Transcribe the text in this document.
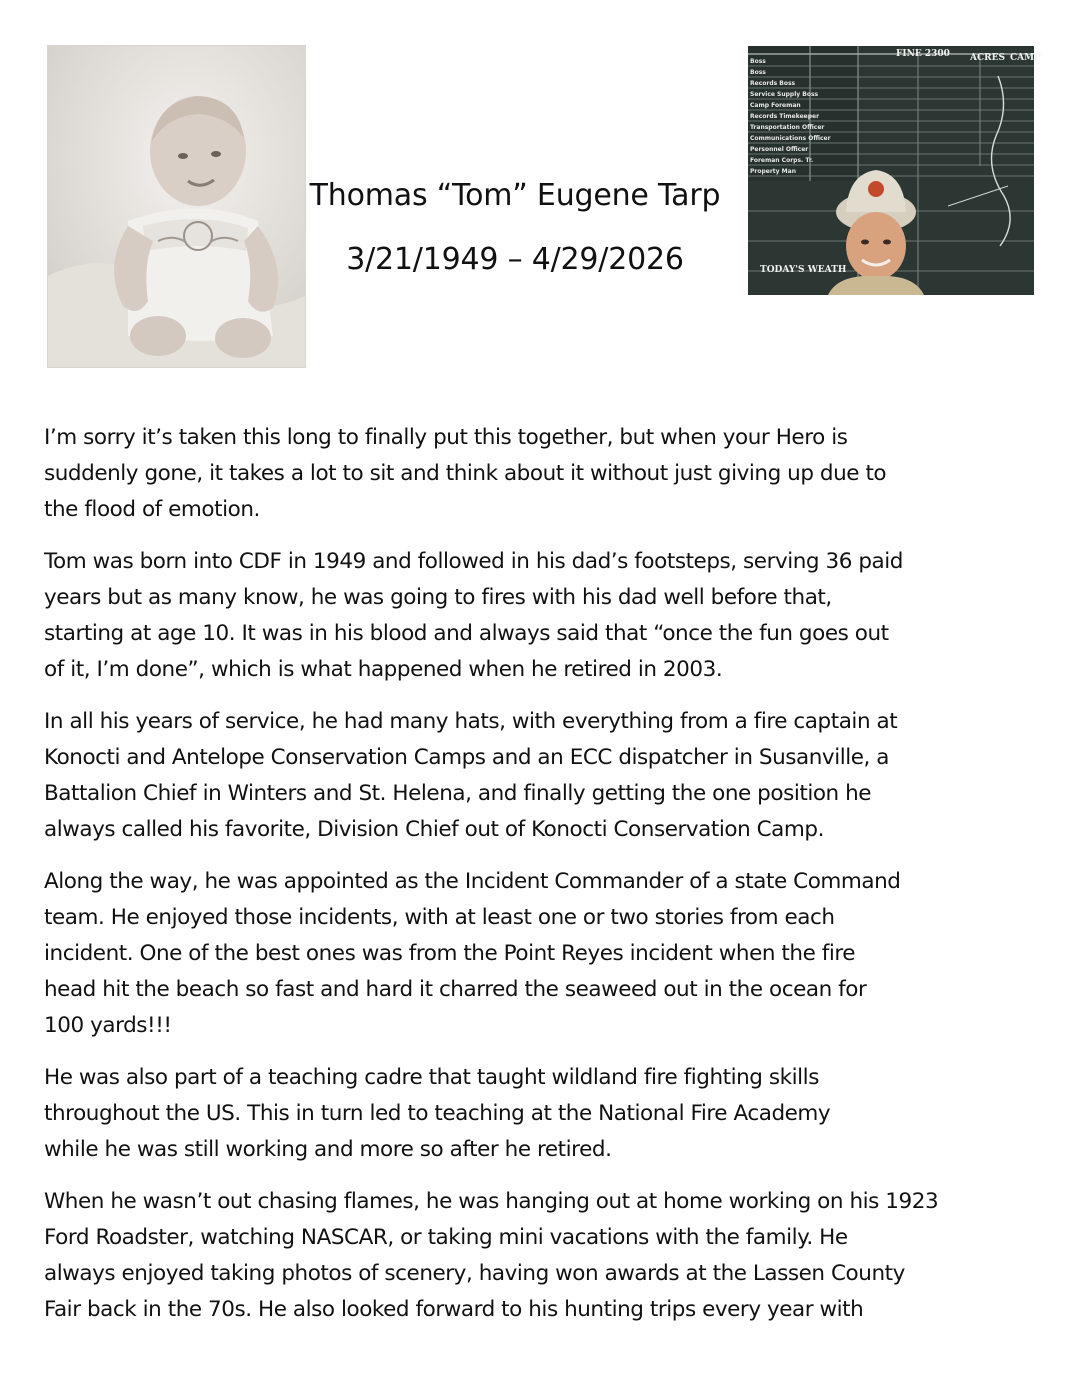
Boss
Boss
Records Boss
Service Supply Boss
Camp Foreman
Records Timekeeper
Transportation Officer
Communications Officer
Personnel Officer
Foreman Corps. Tr.
Property Man
FINE 2300 ACRES CAMP
TODAY'S WEATH
Thomas “Tom” Eugene Tarp
3/21/1949 – 4/29/2026

I’m sorry it’s taken this long to finally put this together, but when your Hero is
suddenly gone, it takes a lot to sit and think about it without just giving up due to
the flood of emotion.

Tom was born into CDF in 1949 and followed in his dad’s footsteps, serving 36 paid
years but as many know, he was going to fires with his dad well before that,
starting at age 10. It was in his blood and always said that “once the fun goes out
of it, I’m done”, which is what happened when he retired in 2003.

In all his years of service, he had many hats, with everything from a fire captain at
Konocti and Antelope Conservation Camps and an ECC dispatcher in Susanville, a
Battalion Chief in Winters and St. Helena, and finally getting the one position he
always called his favorite, Division Chief out of Konocti Conservation Camp.

Along the way, he was appointed as the Incident Commander of a state Command
team. He enjoyed those incidents, with at least one or two stories from each
incident. One of the best ones was from the Point Reyes incident when the fire
head hit the beach so fast and hard it charred the seaweed out in the ocean for
100 yards!!!

He was also part of a teaching cadre that taught wildland fire fighting skills
throughout the US. This in turn led to teaching at the National Fire Academy
while he was still working and more so after he retired.

When he wasn’t out chasing flames, he was hanging out at home working on his 1923
Ford Roadster, watching NASCAR, or taking mini vacations with the family. He
always enjoyed taking photos of scenery, having won awards at the Lassen County
Fair back in the 70s. He also looked forward to his hunting trips every year with
